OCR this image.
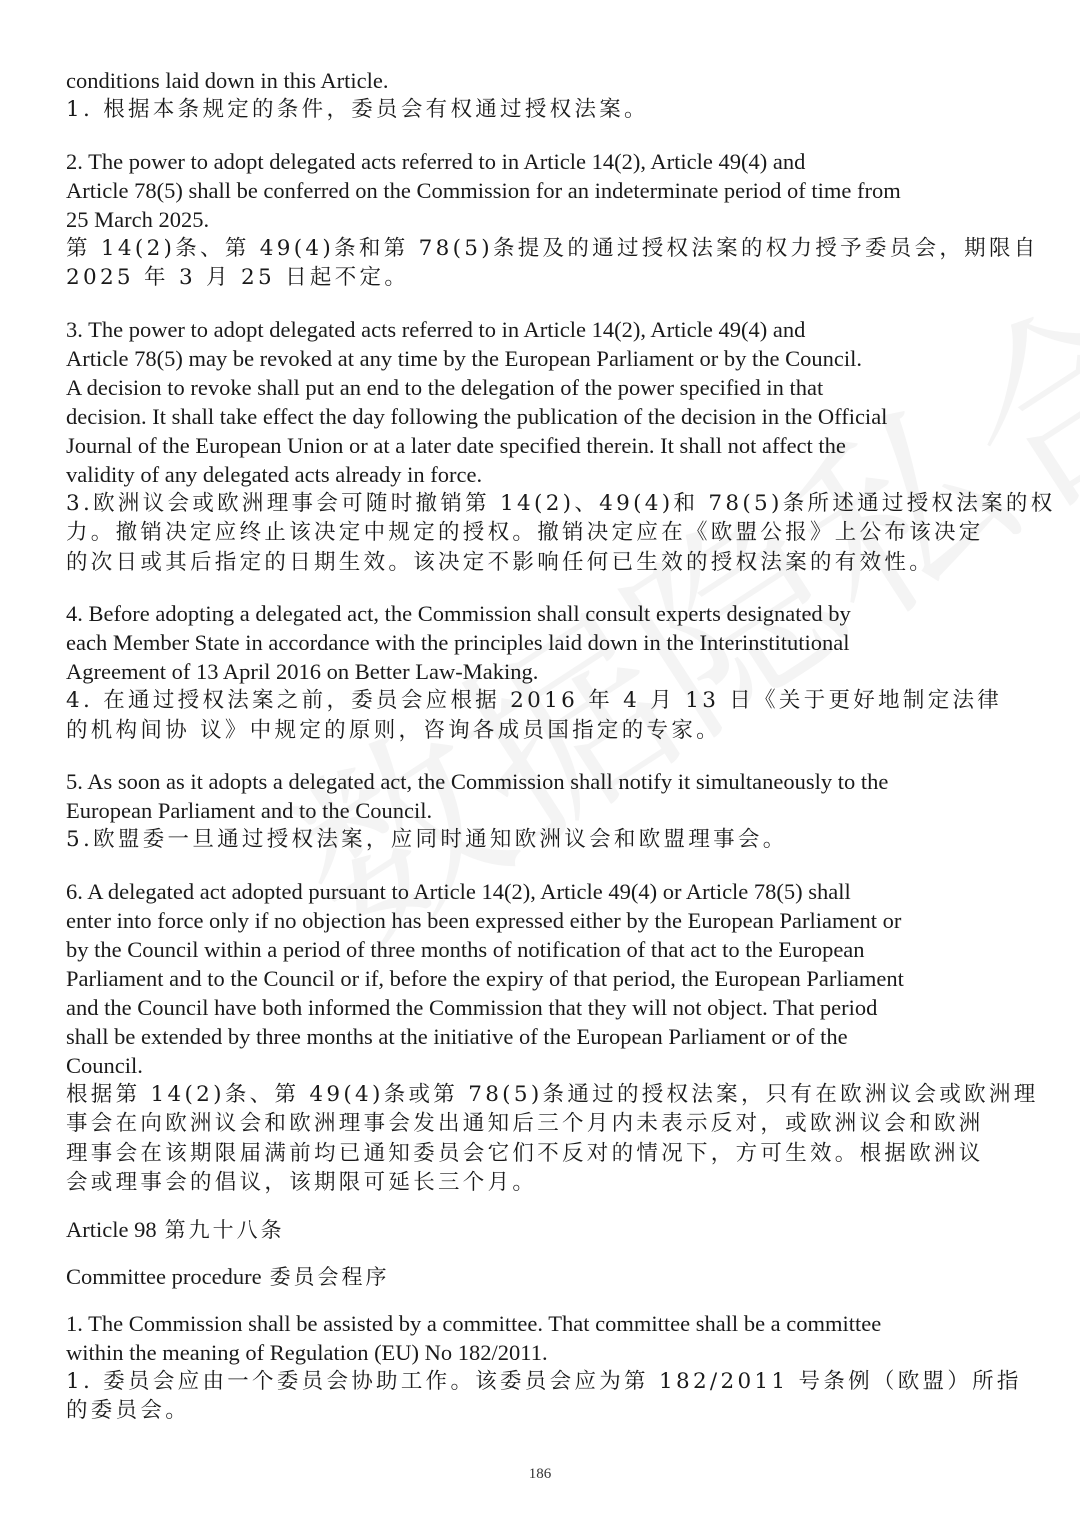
conditions laid down in this Article.

1. 根据本条规定的条件，委员会有权通过授权法案。

2. The power to adopt delegated acts referred to in Article 14(2), Article 49(4) and

Article 78(5) shall be conferred on the Commission for an indeterminate period of time from

25 March 2025.

第 14(2)条、第 49(4)条和第 78(5)条提及的通过授权法案的权力授予委员会，期限自
2025 年 3 月 25 日起不定。

3. The power to adopt delegated acts referred to in Article 14(2), Article 49(4) and

Article 78(5) may be revoked at any time by the European Parliament or by the Council.

A decision to revoke shall put an end to the delegation of the power specified in that

decision. It shall take effect the day following the publication of the decision in the Official

Journal of the European Union or at a later date specified therein. It shall not affect the

validity of any delegated acts already in force.

3.欧洲议会或欧洲理事会可随时撤销第 14(2)、49(4)和 78(5)条所述通过授权法案的权
力。撤销决定应终止该决定中规定的授权。撤销决定应在《欧盟公报》上公布该决定
的次日或其后指定的日期生效。该决定不影响任何已生效的授权法案的有效性。

4. Before adopting a delegated act, the Commission shall consult experts designated by

each Member State in accordance with the principles laid down in the Interinstitutional

Agreement of 13 April 2016 on Better Law-Making.

4. 在通过授权法案之前，委员会应根据 2016 年 4 月 13 日《关于更好地制定法律
的机构间协 议》中规定的原则，咨询各成员国指定的专家。

5. As soon as it adopts a delegated act, the Commission shall notify it simultaneously to the

European Parliament and to the Council.

5.欧盟委一旦通过授权法案，应同时通知欧洲议会和欧盟理事会。

6. A delegated act adopted pursuant to Article 14(2), Article 49(4) or Article 78(5) shall

enter into force only if no objection has been expressed either by the European Parliament or

by the Council within a period of three months of notification of that act to the European

Parliament and to the Council or if, before the expiry of that period, the European Parliament

and the Council have both informed the Commission that they will not object. That period

shall be extended by three months at the initiative of the European Parliament or of the

Council.

根据第 14(2)条、第 49(4)条或第 78(5)条通过的授权法案，只有在欧洲议会或欧洲理
事会在向欧洲议会和欧洲理事会发出通知后三个月内未表示反对，或欧洲议会和欧洲
理事会在该期限届满前均已通知委员会它们不反对的情况下，方可生效。根据欧洲议
会或理事会的倡议，该期限可延长三个月。

Article 98 第九十八条

Committee procedure 委员会程序

1. The Commission shall be assisted by a committee. That committee shall be a committee

within the meaning of Regulation (EU) No 182/2011.

1. 委员会应由一个委员会协助工作。该委员会应为第 182/2011 号条例（欧盟）所指
的委员会。

186
